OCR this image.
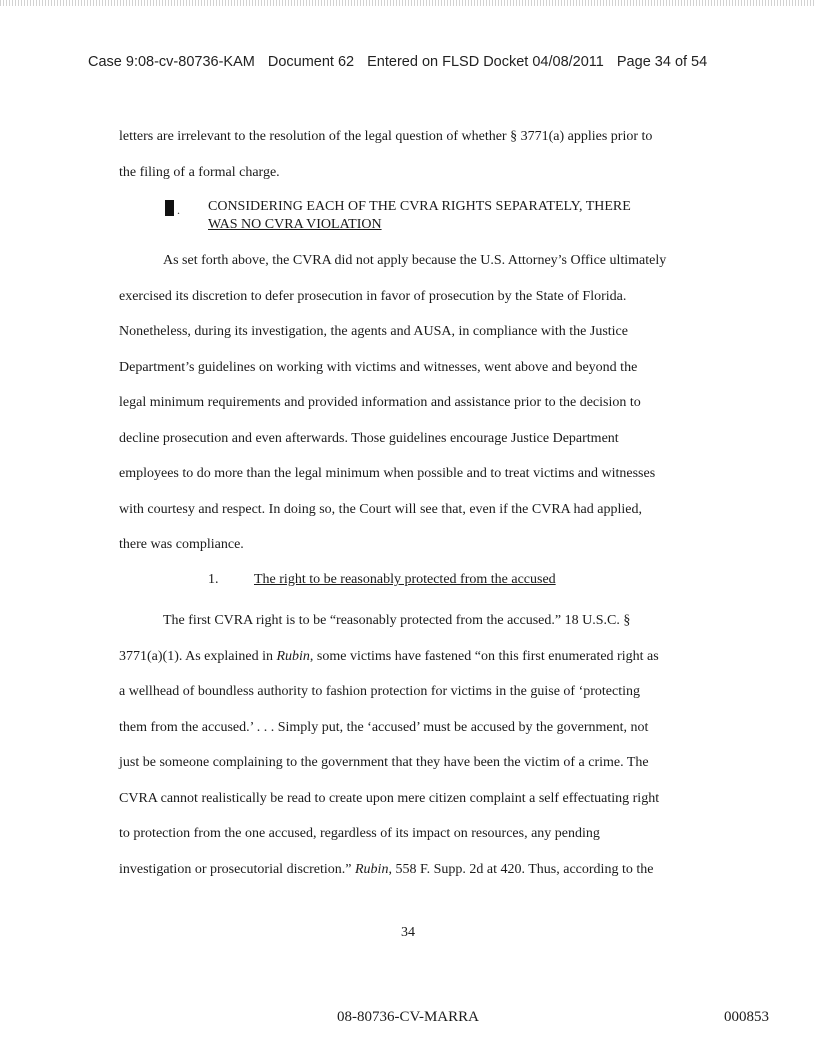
Case 9:08-cv-80736-KAM Document 62 Entered on FLSD Docket 04/08/2011 Page 34 of 54

letters are irrelevant to the resolution of the legal question of whether § 3771(a) applies prior to

the filing of a formal charge.

. CONSIDERING EACH OF THE CVRA RIGHTS SEPARATELY, THERE
WAS NO CVRA VIOLATION

As set forth above, the CVRA did not apply because the U.S. Attorney’s Office ultimately

exercised its discretion to defer prosecution in favor of prosecution by the State of Florida.

Nonetheless, during its investigation, the agents and AUSA, in compliance with the Justice

Department’s guidelines on working with victims and witnesses, went above and beyond the

legal minimum requirements and provided information and assistance prior to the decision to

decline prosecution and even afterwards. Those guidelines encourage Justice Department

employees to do more than the legal minimum when possible and to treat victims and witnesses

with courtesy and respect. In doing so, the Court will see that, even if the CVRA had applied,

there was compliance.

1.	The right to be reasonably protected from the accused

The first CVRA right is to be “reasonably protected from the accused.” 18 U.S.C. §

3771(a)(1). As explained in Rubin, some victims have fastened “on this first enumerated right as

a wellhead of boundless authority to fashion protection for victims in the guise of ‘protecting

them from the accused.’ . . . Simply put, the ‘accused’ must be accused by the government, not

just be someone complaining to the government that they have been the victim of a crime. The

CVRA cannot realistically be read to create upon mere citizen complaint a self effectuating right

to protection from the one accused, regardless of its impact on resources, any pending

investigation or prosecutorial discretion.” Rubin, 558 F. Supp. 2d at 420. Thus, according to the

34
08-80736-CV-MARRA	000853
